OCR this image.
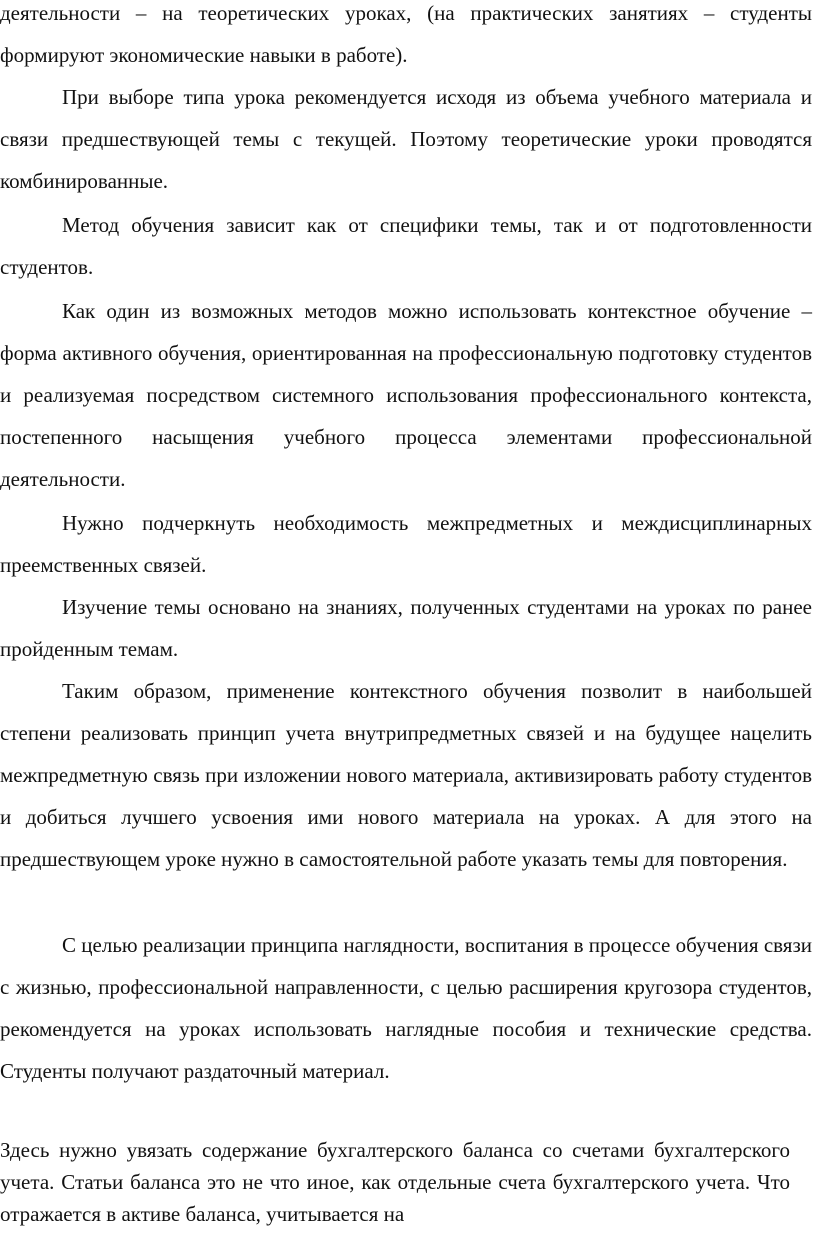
деятельности – на теоретических уроках, (на практических занятиях – студенты формируют экономические навыки в работе).

При выборе типа урока рекомендуется исходя из объема учебного материала и связи предшествующей темы с текущей. Поэтому теоретические уроки проводятся комбинированные.

Метод обучения зависит как от специфики темы, так и от подготовленности студентов.

Как один из возможных методов можно использовать контекстное обучение – форма активного обучения, ориентированная на профессиональную подготовку студентов и реализуемая посредством системного использования профессионального контекста, постепенного насыщения учебного процесса элементами профессиональной деятельности.

Нужно подчеркнуть необходимость межпредметных и междисциплинарных преемственных связей.

Изучение темы основано на знаниях, полученных студентами на уроках по ранее пройденным темам.

Таким образом, применение контекстного обучения позволит в наибольшей степени реализовать принцип учета внутрипредметных связей и на будущее нацелить межпредметную связь при изложении нового материала, активизировать работу студентов и добиться лучшего усвоения ими нового материала на уроках. А для этого на предшествующем уроке нужно в самостоятельной работе указать темы для повторения.

С целью реализации принципа наглядности, воспитания в процессе обучения связи с жизнью, профессиональной направленности, с целью расширения кругозора студентов, рекомендуется на уроках использовать наглядные пособия и технические средства. Студенты получают раздаточный материал.

Здесь нужно увязать содержание бухгалтерского баланса со счетами бухгалтерского учета. Статьи баланса это не что иное, как отдельные счета бухгалтерского учета. Что отражается в активе баланса, учитывается на
